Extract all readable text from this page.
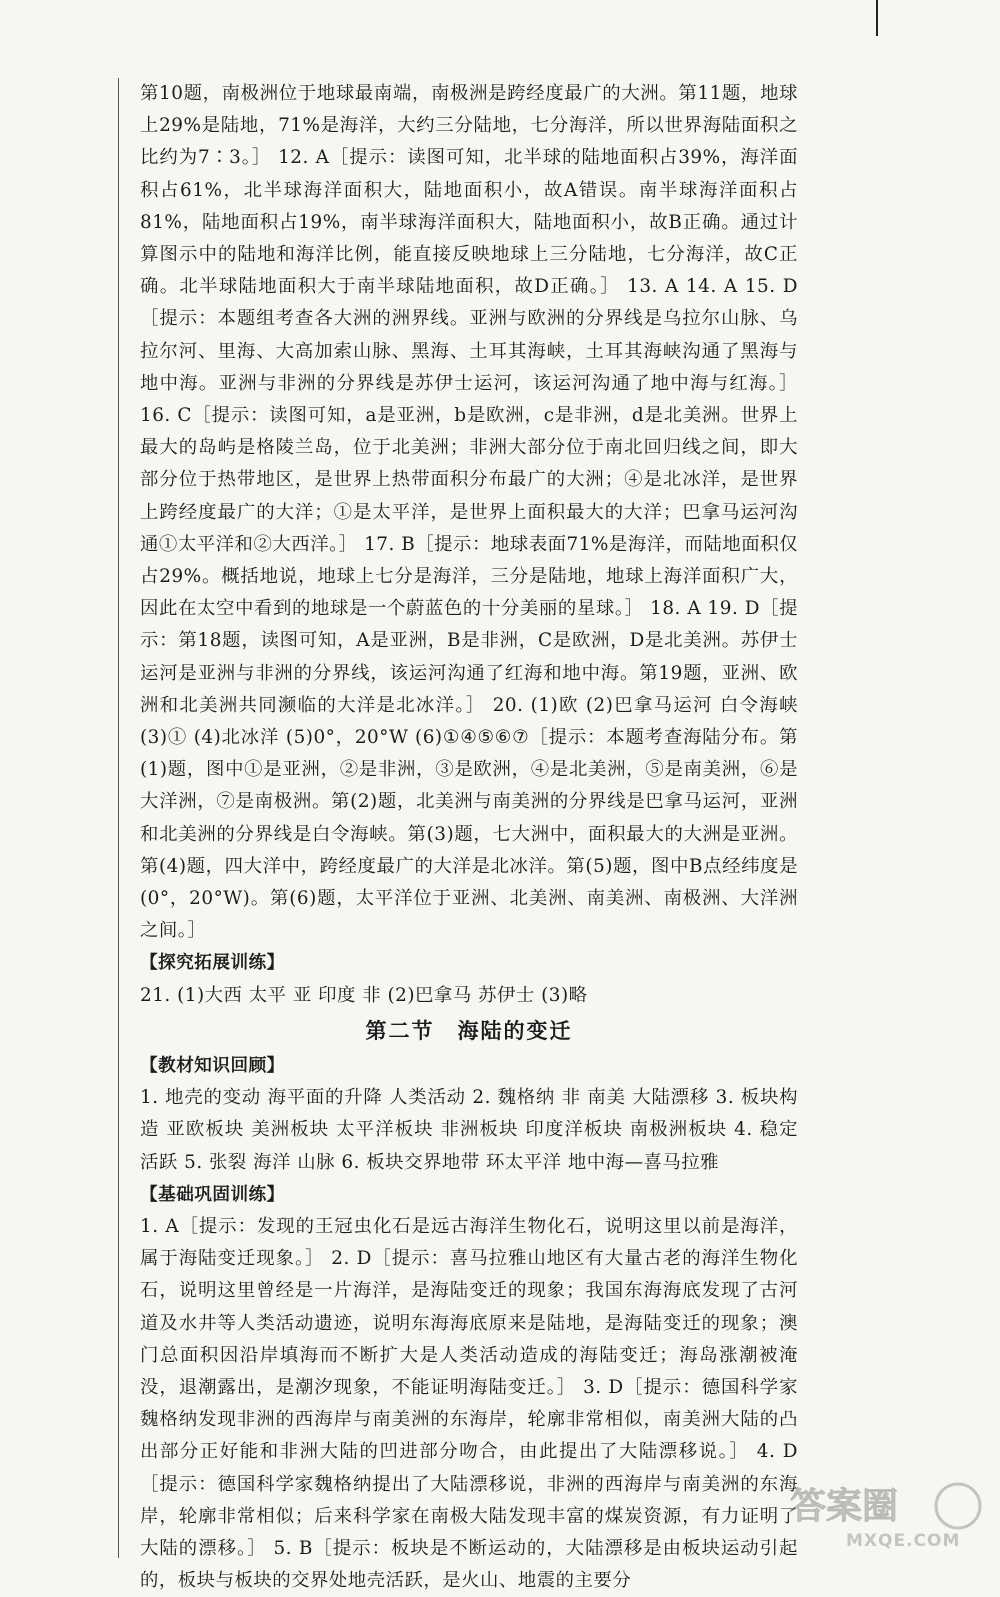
第10题，南极洲位于地球最南端，南极洲是跨经度最广的大洲。第11题，地球上29%是陆地，71%是海洋，大约三分陆地，七分海洋，所以世界海陆面积之比约为7∶3。］ 12. A［提示：读图可知，北半球的陆地面积占39%，海洋面积占61%，北半球海洋面积大，陆地面积小，故A错误。南半球海洋面积占81%，陆地面积占19%，南半球海洋面积大，陆地面积小，故B正确。通过计算图示中的陆地和海洋比例，能直接反映地球上三分陆地，七分海洋，故C正确。北半球陆地面积大于南半球陆地面积，故D正确。］ 13. A 14. A 15. D［提示：本题组考查各大洲的洲界线。亚洲与欧洲的分界线是乌拉尔山脉、乌拉尔河、里海、大高加索山脉、黑海、土耳其海峡，土耳其海峡沟通了黑海与地中海。亚洲与非洲的分界线是苏伊士运河，该运河沟通了地中海与红海。］ 16. C［提示：读图可知，a是亚洲，b是欧洲，c是非洲，d是北美洲。世界上最大的岛屿是格陵兰岛，位于北美洲；非洲大部分位于南北回归线之间，即大部分位于热带地区，是世界上热带面积分布最广的大洲；④是北冰洋，是世界上跨经度最广的大洋；①是太平洋，是世界上面积最大的大洋；巴拿马运河沟通①太平洋和②大西洋。］ 17. B［提示：地球表面71%是海洋，而陆地面积仅占29%。概括地说，地球上七分是海洋，三分是陆地，地球上海洋面积广大，因此在太空中看到的地球是一个蔚蓝色的十分美丽的星球。］ 18. A 19. D［提示：第18题，读图可知，A是亚洲，B是非洲，C是欧洲，D是北美洲。苏伊士运河是亚洲与非洲的分界线，该运河沟通了红海和地中海。第19题，亚洲、欧洲和北美洲共同濒临的大洋是北冰洋。］ 20. (1)欧 (2)巴拿马运河 白令海峡 (3)① (4)北冰洋 (5)0°，20°W (6)①④⑤⑥⑦［提示：本题考查海陆分布。第(1)题，图中①是亚洲，②是非洲，③是欧洲，④是北美洲，⑤是南美洲，⑥是大洋洲，⑦是南极洲。第(2)题，北美洲与南美洲的分界线是巴拿马运河，亚洲和北美洲的分界线是白令海峡。第(3)题，七大洲中，面积最大的大洲是亚洲。第(4)题，四大洋中，跨经度最广的大洋是北冰洋。第(5)题，图中B点经纬度是(0°，20°W)。第(6)题，太平洋位于亚洲、北美洲、南美洲、南极洲、大洋洲之间。］

【探究拓展训练】

21. (1)大西 太平 亚 印度 非 (2)巴拿马 苏伊士 (3)略

第二节　海陆的变迁

【教材知识回顾】

1. 地壳的变动 海平面的升降 人类活动 2. 魏格纳 非 南美 大陆漂移 3. 板块构造 亚欧板块 美洲板块 太平洋板块 非洲板块 印度洋板块 南极洲板块 4. 稳定 活跃 5. 张裂 海洋 山脉 6. 板块交界地带 环太平洋 地中海—喜马拉雅

【基础巩固训练】

1. A［提示：发现的王冠虫化石是远古海洋生物化石，说明这里以前是海洋，属于海陆变迁现象。］ 2. D［提示：喜马拉雅山地区有大量古老的海洋生物化石，说明这里曾经是一片海洋，是海陆变迁的现象；我国东海海底发现了古河道及水井等人类活动遗迹，说明东海海底原来是陆地，是海陆变迁的现象；澳门总面积因沿岸填海而不断扩大是人类活动造成的海陆变迁；海岛涨潮被淹没，退潮露出，是潮汐现象，不能证明海陆变迁。］ 3. D［提示：德国科学家魏格纳发现非洲的西海岸与南美洲的东海岸，轮廓非常相似，南美洲大陆的凸出部分正好能和非洲大陆的凹进部分吻合，由此提出了大陆漂移说。］ 4. D［提示：德国科学家魏格纳提出了大陆漂移说，非洲的西海岸与南美洲的东海岸，轮廓非常相似；后来科学家在南极大陆发现丰富的煤炭资源，有力证明了大陆的漂移。］ 5. B［提示：板块是不断运动的，大陆漂移是由板块运动引起的，板块与板块的交界处地壳活跃，是火山、地震的主要分

答案圈
MXQE.COM
